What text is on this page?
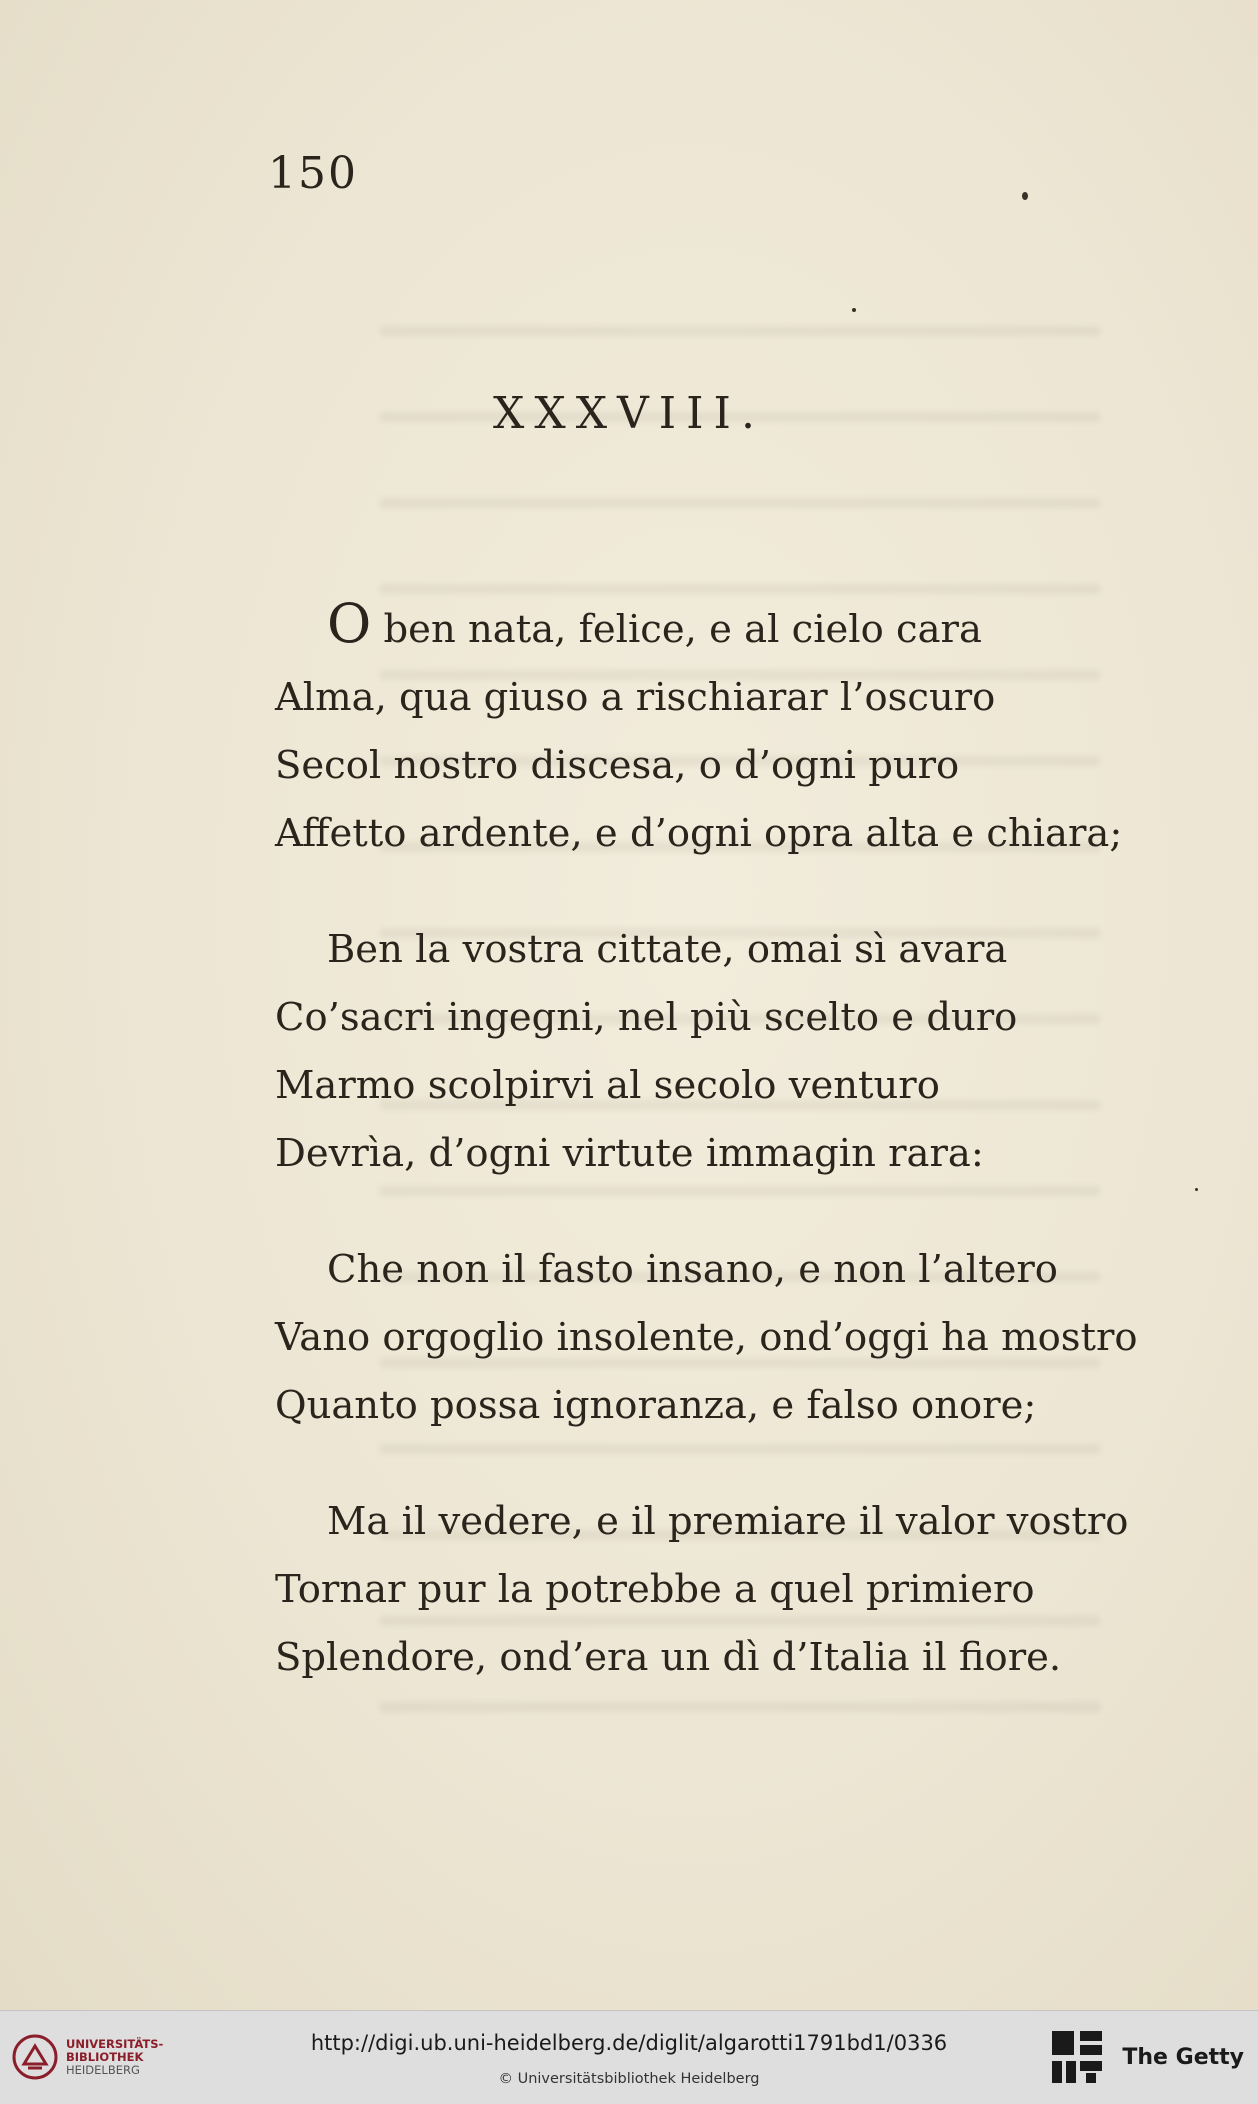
150
XXXVIII.
O ben nata, felice, e al cielo cara
Alma, qua giuso a rischiarar l’oscuro
Secol nostro discesa, o d’ogni puro
Affetto ardente, e d’ogni opra alta e chiara;
Ben la vostra cittate, omai sì avara
Co’sacri ingegni, nel più scelto e duro
Marmo scolpirvi al secolo venturo
Devrìa, d’ogni virtute immagin rara:
Che non il fasto insano, e non l’altero
Vano orgoglio insolente, ond’oggi ha mostro
Quanto possa ignoranza, e falso onore;
Ma il vedere, e il premiare il valor vostro
Tornar pur la potrebbe a quel primiero
Splendore, ond’era un dì d’Italia il fiore.
UNIVERSITÄTS-
BIBLIOTHEK
HEIDELBERG
http://digi.ub.uni-heidelberg.de/diglit/algarotti1791bd1/0336
© Universitätsbibliothek Heidelberg
The Getty
